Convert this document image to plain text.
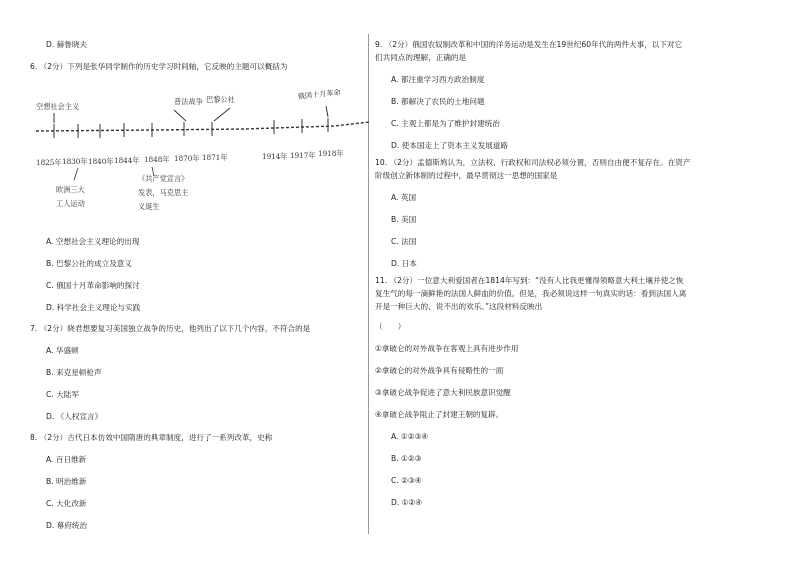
D. 赫鲁晓夫
6. （2分）下列是张华同学制作的历史学习时间轴，它反映的主题可以概括为
空想社会主义
普法战争 巴黎公社	俄国十月革命
1825年 1830年 1840年 1844年 1848年 1870年 1871年	1914年 1917年 1918年
欧洲三大
工人运动
《共产党宣言》
发表，马克思主
义诞生
A. 空想社会主义理论的出现
B. 巴黎公社的成立及意义
C. 俄国十月革命影响的探讨
D. 科学社会主义理论与实践
7. （2分）晓君想要复习美国独立战争的历史，他列出了以下几个内容，不符合的是
A. 华盛顿
B. 来克星顿枪声
C. 大陆军
D. 《人权宣言》
8. （2分）古代日本仿效中国隋唐的典章制度，进行了一系列改革，史称
A. 百日维新
B. 明治维新
C. 大化改新
D. 幕府统治
9. （2分）俄国农奴制改革和中国的洋务运动是发生在19世纪60年代的两件大事，以下对它
们共同点的理解，正确的是
A. 都注重学习西方政治制度
B. 都解决了农民的土地问题
C. 主观上都是为了维护封建统治
D. 使本国走上了资本主义发展道路
10. （2分）孟德斯鸠认为，立法权、行政权和司法权必须分置，否则自由便不复存在。在资产
阶级创立新体制的过程中，最早贯彻这一思想的国家是
A. 英国
B. 美国
C. 法国
D. 日本
11. （2分）一位意大利爱国者在1814年写到：“没有人比我更懂得领略意大利土壤并使之恢
复生气的每一滴鲜艳的法国人鲜血的价值。但是，我必须说这样一句真实的话：看到法国人离
开是一种巨大的、说不出的欢乐。”这段材料反映出
（　　）
①拿破仑的对外战争在客观上具有进步作用
②拿破仑的对外战争具有侵略性的一面
③拿破仑战争促进了意大利民族意识觉醒
④拿破仑战争阻止了封建王朝的复辟。
A. ①②③④
B. ①②③
C. ②③④
D. ①②④
